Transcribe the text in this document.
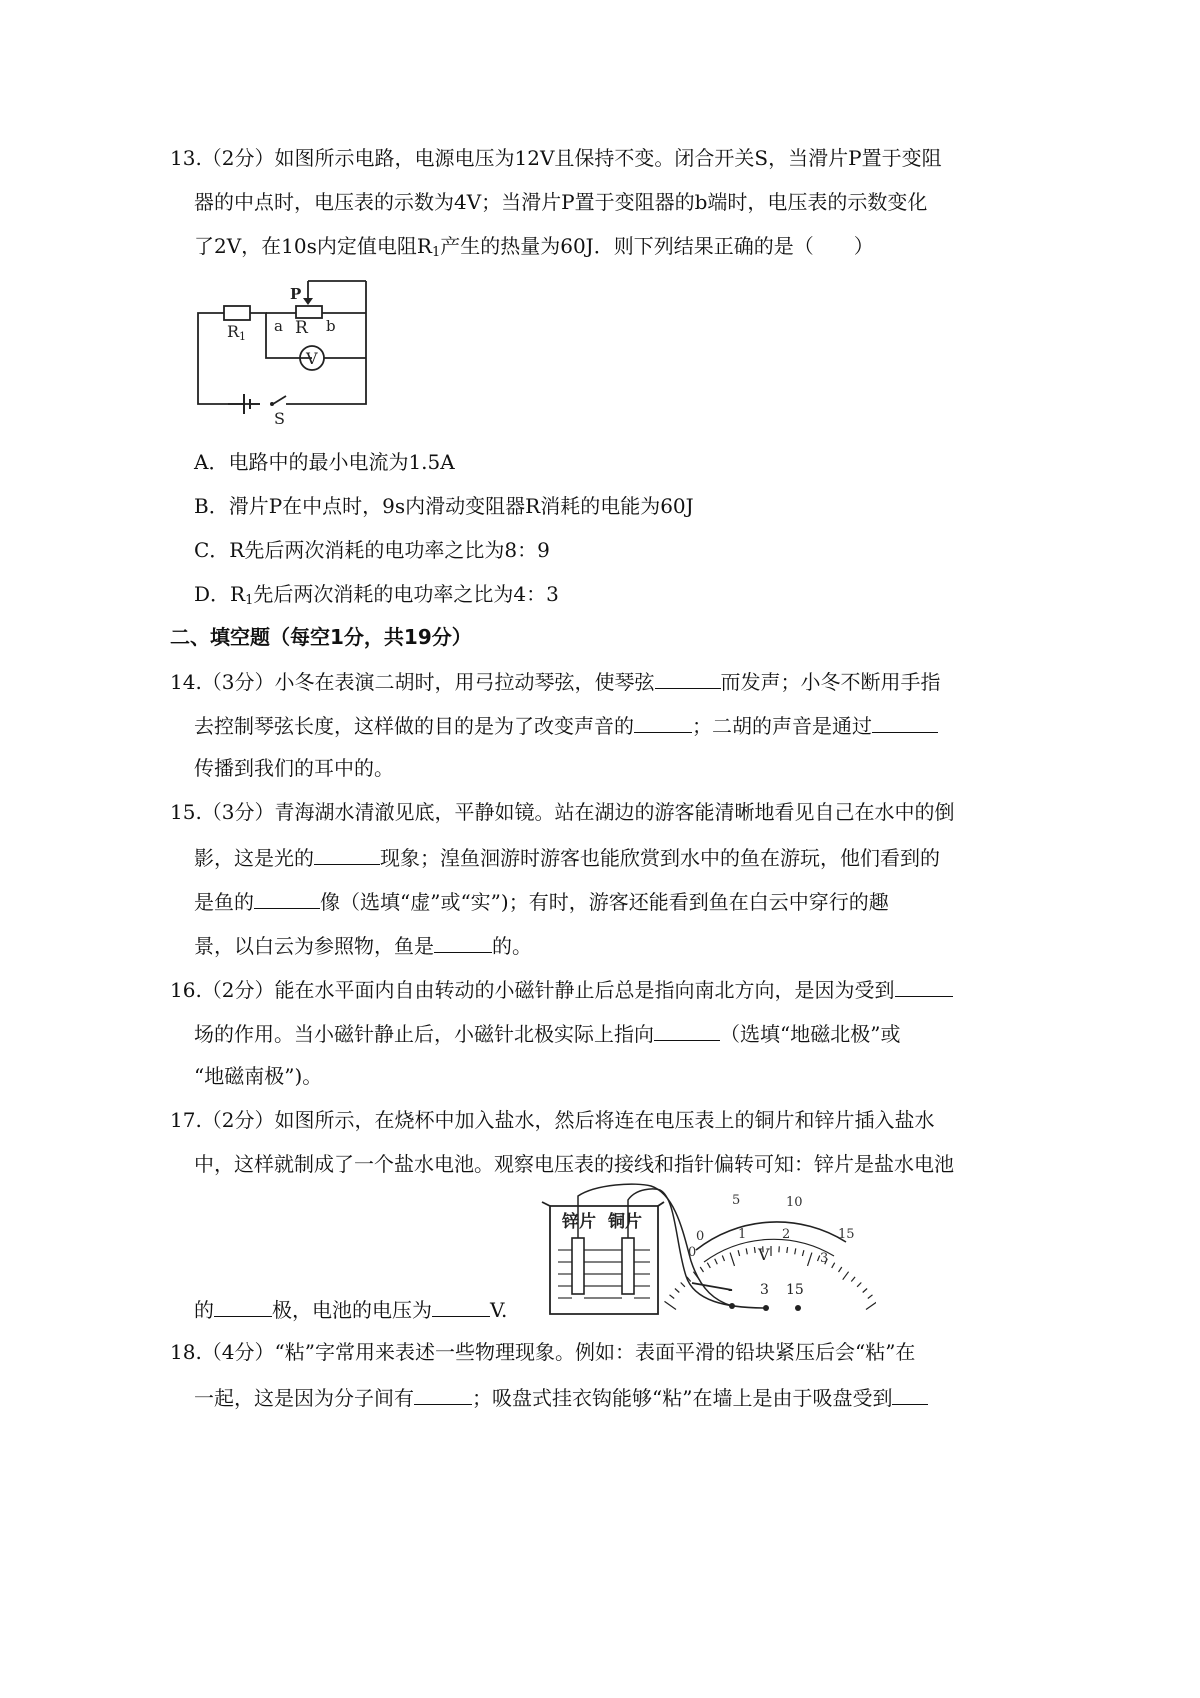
13.（2分）如图所示电路，电源电压为12V且保持不变。闭合开关S，当滑片P置于变阻
器的中点时，电压表的示数为4V；当滑片P置于变阻器的b端时，电压表的示数变化
了2V，在10s内定值电阻$R_1$产生的热量为60J．则下列结果正确的是（　　）
R1
a R b
P
V
S
A．电路中的最小电流为1.5A
B．滑片P在中点时，9s内滑动变阻器R消耗的电能为60J
C．R先后两次消耗的电功率之比为8：9
D．$R_1$先后两次消耗的电功率之比为4：3
二、填空题（每空1分，共19分）
14.（3分）小冬在表演二胡时，用弓拉动琴弦，使琴弦	而发声；小冬不断用手指
去控制琴弦长度，这样做的目的是为了改变声音的	；二胡的声音是通过
传播到我们的耳中的。
15.（3分）青海湖水清澈见底，平静如镜。站在湖边的游客能清晰地看见自己在水中的倒
影，这是光的	现象；湟鱼洄游时游客也能欣赏到水中的鱼在游玩，他们看到的
是鱼的	像（选填“虚”或“实”)；有时，游客还能看到鱼在白云中穿行的趣
景，以白云为参照物，鱼是	的。
16.（2分）能在水平面内自由转动的小磁针静止后总是指向南北方向，是因为受到
场的作用。当小磁针静止后，小磁针北极实际上指向	（选填“地磁北极”或
“地磁南极”)。
17.（2分）如图所示，在烧杯中加入盐水，然后将连在电压表上的铜片和锌片插入盐水
中，这样就制成了一个盐水电池。观察电压表的接线和指针偏转可知：锌片是盐水电池
的	极，电池的电压为	V.
锌片 铜片
0
5	10
15
0
1	2
3
V
- 3 15
18.（4分）“粘”字常用来表述一些物理现象。例如：表面平滑的铅块紧压后会“粘”在
一起，这是因为分子间有	；吸盘式挂衣钩能够“粘”在墙上是由于吸盘受到
